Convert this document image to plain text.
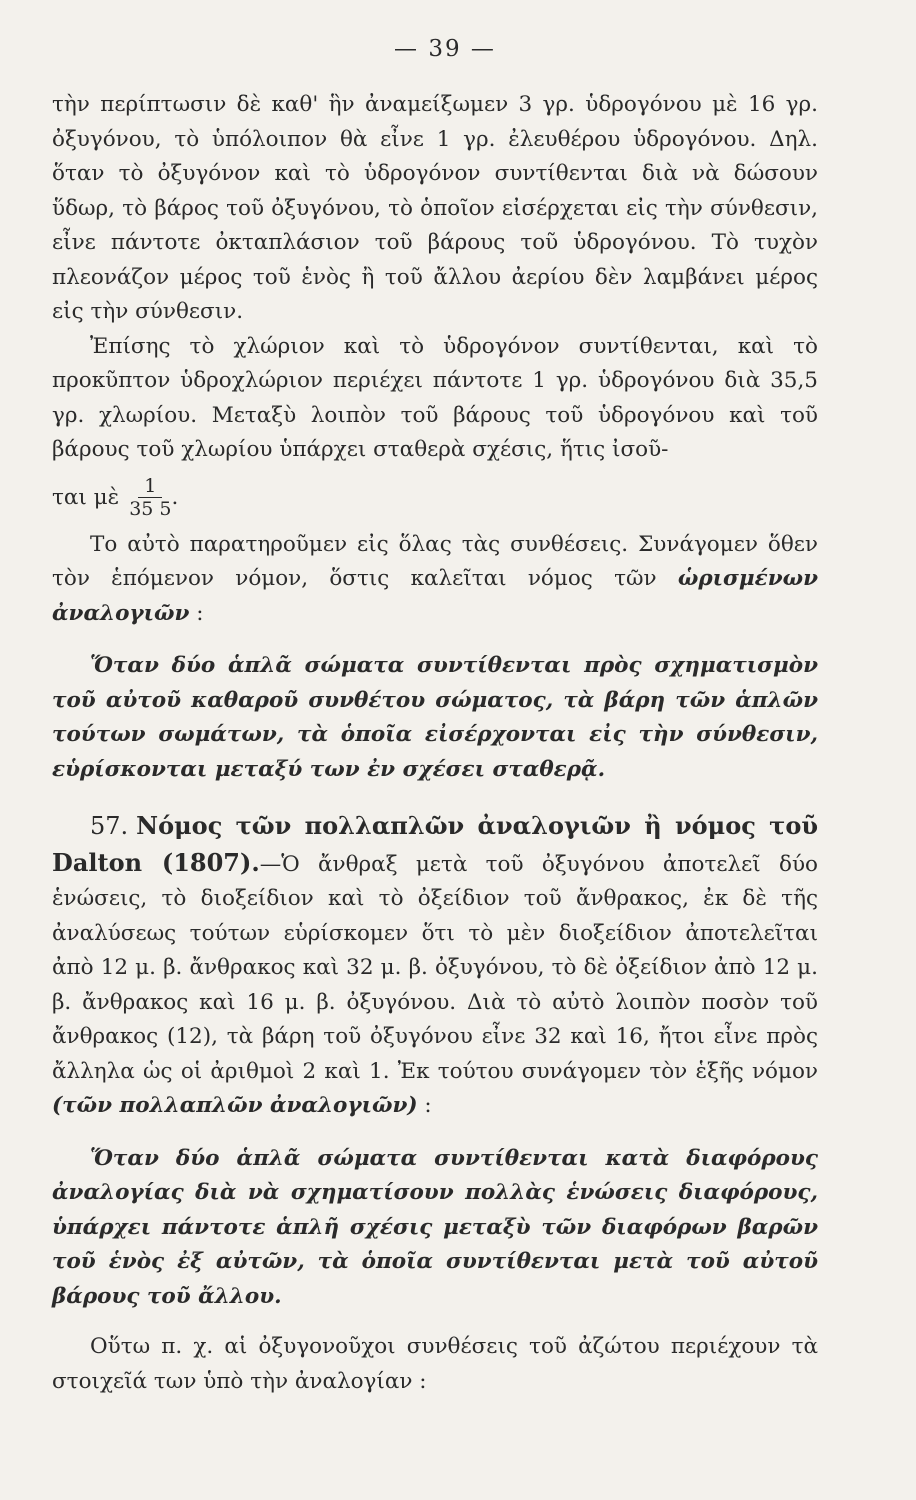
— 39 —

τὴν περίπτωσιν δὲ καθ' ἣν ἀναμείξωμεν 3 γρ. ὑδρογόνου μὲ 16 γρ. ὀξυγόνου, τὸ ὑπόλοιπον θὰ εἶνε 1 γρ. ἐλευθέρου ὑδρογόνου. Δηλ. ὅταν τὸ ὀξυγόνον καὶ τὸ ὑδρογόνον συντίθενται διὰ νὰ δώσουν ὕδωρ, τὸ βάρος τοῦ ὀξυγόνου, τὸ ὁποῖον εἰσέρχεται εἰς τὴν σύνθεσιν, εἶνε πάντοτε ὀκταπλάσιον τοῦ βάρους τοῦ ὑδρογόνου. Τὸ τυχὸν πλεονάζον μέρος τοῦ ἑνὸς ἢ τοῦ ἄλλου ἀερίου δὲν λαμβάνει μέρος εἰς τὴν σύνθεσιν.

Ἐπίσης τὸ χλώριον καὶ τὸ ὑδρογόνον συντίθενται, καὶ τὸ προκῦπτον ὑδροχλώριον περιέχει πάντοτε 1 γρ. ὑδρογόνου διὰ 35,5 γρ. χλωρίου. Μεταξὺ λοιπὸν τοῦ βάρους τοῦ ὑδρογόνου καὶ τοῦ βάρους τοῦ χλωρίου ὑπάρχει σταθερὰ σχέσις, ἥτις ἰσοῦ-

ται μὲ $\frac{1}{35 5}$ .

Το αὐτὸ παρατηροῦμεν εἰς ὅλας τὰς συνθέσεις. Συνάγομεν ὅθεν τὸν ἑπόμενον νόμον, ὅστις καλεῖται νόμος τῶν ὡρισμένων ἀναλογιῶν :

Ὅταν δύο ἁπλᾶ σώματα συντίθενται πρὸς σχηματισμὸν τοῦ αὐτοῦ καθαροῦ συνθέτου σώματος, τὰ βάρη τῶν ἁπλῶν τούτων σωμάτων, τὰ ὁποῖα εἰσέρχονται εἰς τὴν σύνθεσιν, εὑρίσκονται μεταξύ των ἐν σχέσει σταθερᾷ.

57. Νόμος τῶν πολλαπλῶν ἀναλογιῶν ἢ νόμος τοῦ Dalton (1807).—Ὁ ἄνθραξ μετὰ τοῦ ὀξυγόνου ἀποτελεῖ δύο ἑνώσεις, τὸ διοξείδιον καὶ τὸ ὀξείδιον τοῦ ἄνθρακος, ἐκ δὲ τῆς ἀναλύσεως τούτων εὑρίσκομεν ὅτι τὸ μὲν διοξείδιον ἀποτελεῖται ἀπὸ 12 μ. β. ἄνθρακος καὶ 32 μ. β. ὀξυγόνου, τὸ δὲ ὀξείδιον ἀπὸ 12 μ. β. ἄνθρακος καὶ 16 μ. β. ὀξυγόνου. Διὰ τὸ αὐτὸ λοιπὸν ποσὸν τοῦ ἄνθρακος (12), τὰ βάρη τοῦ ὀξυγόνου εἶνε 32 καὶ 16, ἤτοι εἶνε πρὸς ἄλληλα ὡς οἱ ἀριθμοὶ 2 καὶ 1. Ἐκ τούτου συνάγομεν τὸν ἑξῆς νόμον (τῶν πολλαπλῶν ἀναλογιῶν) :

Ὅταν δύο ἁπλᾶ σώματα συντίθενται κατὰ διαφόρους ἀναλογίας διὰ νὰ σχηματίσουν πολλὰς ἑνώσεις διαφόρους, ὑπάρχει πάντοτε ἁπλῆ σχέσις μεταξὺ τῶν διαφόρων βαρῶν τοῦ ἑνὸς ἐξ αὐτῶν, τὰ ὁποῖα συντίθενται μετὰ τοῦ αὐτοῦ βάρους τοῦ ἄλλου.

Οὕτω π. χ. αἱ ὀξυγονοῦχοι συνθέσεις τοῦ ἀζώτου περιέχουν τὰ στοιχεῖά των ὑπὸ τὴν ἀναλογίαν :
